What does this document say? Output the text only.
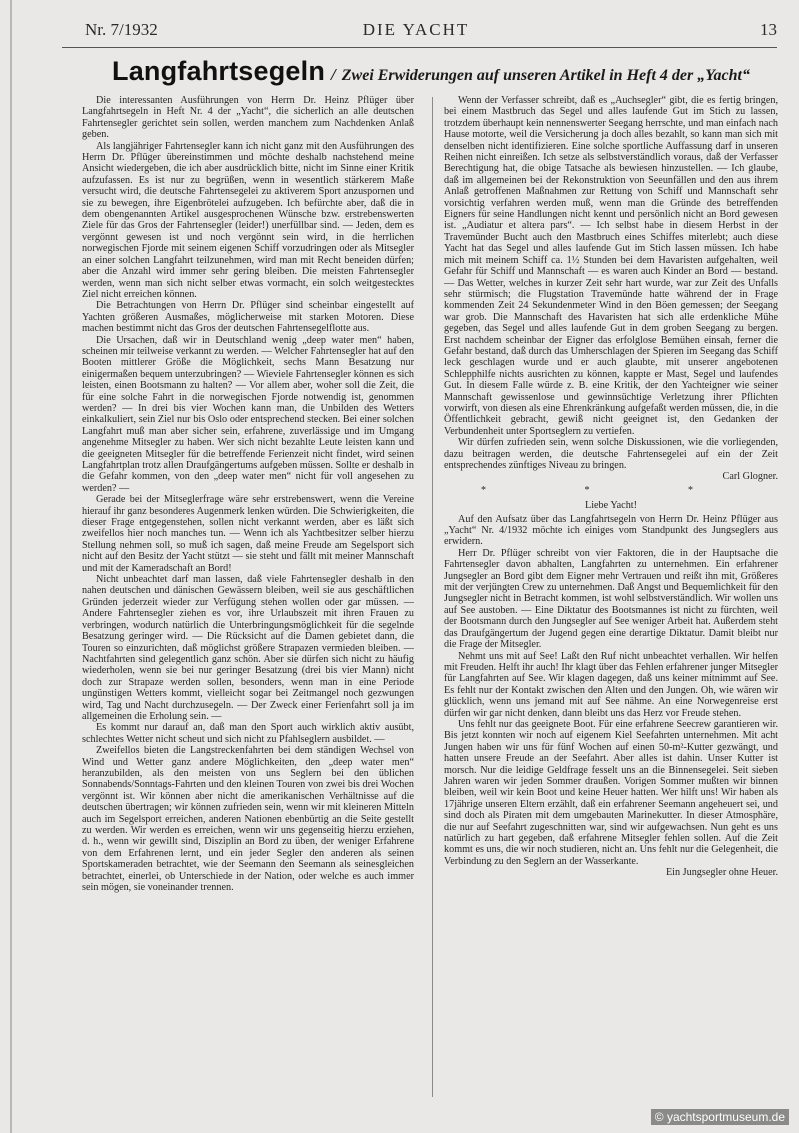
Nr. 7/1932	DIE YACHT	13
Langfahrtsegeln / Zwei Erwiderungen auf unseren Artikel in Heft 4 der „Yacht“

Die interessanten Ausführungen von Herrn Dr. Heinz Pflüger über Langfahrtsegeln in Heft Nr. 4 der „Yacht“, die sicherlich an alle deutschen Fahrtensegler gerichtet sein sollen, werden manchem zum Nachdenken Anlaß geben.

Als langjähriger Fahrtensegler kann ich nicht ganz mit den Ausführungen des Herrn Dr. Pflüger übereinstimmen und möchte deshalb nachstehend meine Ansicht wiedergeben, die ich aber ausdrücklich bitte, nicht im Sinne einer Kritik aufzufassen. Es ist nur zu begrüßen, wenn in wesentlich stärkerem Maße versucht wird, die deutsche Fahrtensegelei zu aktiverem Sport anzuspornen und sie zu bewegen, ihre Eigenbrötelei aufzugeben. Ich befürchte aber, daß die in dem obengenannten Artikel ausgesprochenen Wünsche bzw. erstrebenswerten Ziele für das Gros der Fahrtensegler (leider!) unerfüllbar sind. — Jeden, dem es vergönnt gewesen ist und noch vergönnt sein wird, in die herrlichen norwegischen Fjorde mit seinem eigenen Schiff vorzudringen oder als Mitsegler an einer solchen Langfahrt teilzunehmen, wird man mit Recht beneiden dürfen; aber die Anzahl wird immer sehr gering bleiben. Die meisten Fahrtensegler werden, wenn man sich nicht selber etwas vormacht, ein solch weitgestecktes Ziel nicht erreichen können.

Die Betrachtungen von Herrn Dr. Pflüger sind scheinbar eingestellt auf Yachten größeren Ausmaßes, möglicherweise mit starken Motoren. Diese machen bestimmt nicht das Gros der deutschen Fahrtensegelflotte aus.

Die Ursachen, daß wir in Deutschland wenig „deep water men“ haben, scheinen mir teilweise verkannt zu werden. — Welcher Fahrtensegler hat auf den Booten mittlerer Größe die Möglichkeit, sechs Mann Besatzung nur einigermaßen bequem unterzubringen? — Wieviele Fahrtensegler können es sich leisten, einen Bootsmann zu halten? — Vor allem aber, woher soll die Zeit, die für eine solche Fahrt in die norwegischen Fjorde notwendig ist, genommen werden? — In drei bis vier Wochen kann man, die Unbilden des Wetters einkalkuliert, sein Ziel nur bis Oslo oder entsprechend stecken. Bei einer solchen Langfahrt muß man aber sicher sein, erfahrene, zuverlässige und im Umgang angenehme Mitsegler zu haben. Wer sich nicht bezahlte Leute leisten kann und die geeigneten Mitsegler für die betreffende Ferienzeit nicht findet, wird seinen Langfahrtplan trotz allen Draufgängertums aufgeben müssen. Sollte er deshalb in die Gefahr kommen, von den „deep water men“ nicht für voll angesehen zu werden? —

Gerade bei der Mitseglerfrage wäre sehr erstrebenswert, wenn die Vereine hierauf ihr ganz besonderes Augenmerk lenken würden. Die Schwierigkeiten, die dieser Frage entgegenstehen, sollen nicht verkannt werden, aber es läßt sich zweifellos hier noch manches tun. — Wenn ich als Yachtbesitzer selber hierzu Stellung nehmen soll, so muß ich sagen, daß meine Freude am Segelsport sich nicht auf den Besitz der Yacht stützt — sie steht und fällt mit meiner Mannschaft und mit der Kameradschaft an Bord!

Nicht unbeachtet darf man lassen, daß viele Fahrtensegler deshalb in den nahen deutschen und dänischen Gewässern bleiben, weil sie aus geschäftlichen Gründen jederzeit wieder zur Verfügung stehen wollen oder gar müssen. — Andere Fahrtensegler ziehen es vor, ihre Urlaubszeit mit ihren Frauen zu verbringen, wodurch natürlich die Unterbringungsmöglichkeit für die segelnde Besatzung geringer wird. — Die Rücksicht auf die Damen gebietet dann, die Touren so einzurichten, daß möglichst größere Strapazen vermieden bleiben. — Nachtfahrten sind gelegentlich ganz schön. Aber sie dürfen sich nicht zu häufig wiederholen, wenn sie bei nur geringer Besatzung (drei bis vier Mann) nicht doch zur Strapaze werden sollen, besonders, wenn man in eine Periode ungünstigen Wetters kommt, vielleicht sogar bei Zeitmangel noch gezwungen wird, Tag und Nacht durchzusegeln. — Der Zweck einer Ferienfahrt soll ja im allgemeinen die Erholung sein. —

Es kommt nur darauf an, daß man den Sport auch wirklich aktiv ausübt, schlechtes Wetter nicht scheut und sich nicht zu Pfahlseglern ausbildet. —

Zweifellos bieten die Langstreckenfahrten bei dem ständigen Wechsel von Wind und Wetter ganz andere Möglichkeiten, den „deep water men“ heranzubilden, als den meisten von uns Seglern bei den üblichen Sonnabends/Sonntags-Fahrten und den kleinen Touren von zwei bis drei Wochen vergönnt ist. Wir können aber nicht die amerikanischen Verhältnisse auf die deutschen übertragen; wir können zufrieden sein, wenn wir mit kleineren Mitteln auch im Segelsport erreichen, anderen Nationen ebenbürtig an die Seite gestellt zu werden. Wir werden es erreichen, wenn wir uns gegenseitig hierzu erziehen, d. h., wenn wir gewillt sind, Disziplin an Bord zu üben, der weniger Erfahrene von dem Erfahrenen lernt, und ein jeder Segler den anderen als seinen Sportskameraden betrachtet, wie der Seemann den Seemann als seinesgleichen betrachtet, einerlei, ob Unterschiede in der Nation, oder welche es auch immer sein mögen, sie voneinander trennen.

Wenn der Verfasser schreibt, daß es „Auchsegler“ gibt, die es fertig bringen, bei einem Mastbruch das Segel und alles laufende Gut im Stich zu lassen, trotzdem überhaupt kein nennenswerter Seegang herrschte, und man einfach nach Hause motorte, weil die Versicherung ja doch alles bezahlt, so kann man sich mit denselben nicht identifizieren. Eine solche sportliche Auffassung darf in unseren Reihen nicht einreißen. Ich setze als selbstverständlich voraus, daß der Verfasser Berechtigung hat, die obige Tatsache als bewiesen hinzustellen. — Ich glaube, daß im allgemeinen bei der Rekonstruktion von Seeunfällen und den aus ihrem Anlaß getroffenen Maßnahmen zur Rettung von Schiff und Mannschaft sehr vorsichtig verfahren werden muß, wenn man die Gründe des betreffenden Eigners für seine Handlungen nicht kennt und persönlich nicht an Bord gewesen ist. „Audiatur et altera pars“. — Ich selbst habe in diesem Herbst in der Travemünder Bucht auch den Mastbruch eines Schiffes miterlebt; auch diese Yacht hat das Segel und alles laufende Gut im Stich lassen müssen. Ich habe mich mit meinem Schiff ca. 1½ Stunden bei dem Havaristen aufgehalten, weil Gefahr für Schiff und Mannschaft — es waren auch Kinder an Bord — bestand. — Das Wetter, welches in kurzer Zeit sehr hart wurde, war zur Zeit des Unfalls sehr stürmisch; die Flugstation Travemünde hatte während der in Frage kommenden Zeit 24 Sekundenmeter Wind in den Böen gemessen; der Seegang war grob. Die Mannschaft des Havaristen hat sich alle erdenkliche Mühe gegeben, das Segel und alles laufende Gut in dem groben Seegang zu bergen. Erst nachdem scheinbar der Eigner das erfolglose Bemühen einsah, ferner die Gefahr bestand, daß durch das Umherschlagen der Spieren im Seegang das Schiff leck geschlagen wurde und er auch glaubte, mit unserer angebotenen Schlepphilfe nichts ausrichten zu können, kappte er Mast, Segel und laufendes Gut. In diesem Falle würde z. B. eine Kritik, der den Yachteigner wie seiner Mannschaft gewissenlose und gewinnsüchtige Verletzung ihrer Pflichten vorwirft, von diesen als eine Ehrenkränkung aufgefaßt werden müssen, die, in die Öffentlichkeit gebracht, gewiß nicht geeignet ist, den Gedanken der Verbundenheit unter Sportseglern zu vertiefen.

Wir dürfen zufrieden sein, wenn solche Diskussionen, wie die vorliegenden, dazu beitragen werden, die deutsche Fahrtensegelei auf ein der Zeit entsprechendes zünftiges Niveau zu bringen.

Carl Glogner.
* * *
Liebe Yacht!

Auf den Aufsatz über das Langfahrtsegeln von Herrn Dr. Heinz Pflüger aus „Yacht“ Nr. 4/1932 möchte ich einiges vom Standpunkt des Jungseglers aus erwidern.

Herr Dr. Pflüger schreibt von vier Faktoren, die in der Hauptsache die Fahrtensegler davon abhalten, Langfahrten zu unternehmen. Ein erfahrener Jungsegler an Bord gibt dem Eigner mehr Vertrauen und reißt ihn mit, Größeres mit der verjüngten Crew zu unternehmen. Daß Angst und Bequemlichkeit für den Jungsegler nicht in Betracht kommen, ist wohl selbstverständlich. Wir wollen uns auf See austoben. — Eine Diktatur des Bootsmannes ist nicht zu fürchten, weil der Bootsmann durch den Jungsegler auf See weniger Arbeit hat. Außerdem steht das Draufgängertum der Jugend gegen eine derartige Diktatur. Damit bleibt nur die Frage der Mitsegler.

Nehmt uns mit auf See! Laßt den Ruf nicht unbeachtet verhallen. Wir helfen mit Freuden. Helft ihr auch! Ihr klagt über das Fehlen erfahrener junger Mitsegler für Langfahrten auf See. Wir klagen dagegen, daß uns keiner mitnimmt auf See. Es fehlt nur der Kontakt zwischen den Alten und den Jungen. Oh, wie wären wir glücklich, wenn uns jemand mit auf See nähme. An eine Norwegenreise erst dürfen wir gar nicht denken, dann bleibt uns das Herz vor Freude stehen.

Uns fehlt nur das geeignete Boot. Für eine erfahrene Seecrew garantieren wir. Bis jetzt konnten wir noch auf eigenem Kiel Seefahrten unternehmen. Mit acht Jungen haben wir uns für fünf Wochen auf einen 50-m²-Kutter gezwängt, und hatten unsere Freude an der Seefahrt. Aber alles ist dahin. Unser Kutter ist morsch. Nur die leidige Geldfrage fesselt uns an die Binnensegelei. Seit sieben Jahren waren wir jeden Sommer draußen. Vorigen Sommer mußten wir binnen bleiben, weil wir kein Boot und keine Heuer hatten. Wer hilft uns! Wir haben als 17jährige unseren Eltern erzählt, daß ein erfahrener Seemann angeheuert sei, und sind doch als Piraten mit dem umgebauten Marinekutter. In dieser Atmosphäre, die nur auf Seefahrt zugeschnitten war, sind wir aufgewachsen. Nun geht es uns natürlich zu hart gegeben, daß erfahrene Mitsegler fehlen sollen. Auf die Zeit kommt es uns, die wir noch studieren, nicht an. Uns fehlt nur die Gelegenheit, die Verbindung zu den Seglern an der Wasserkante.

Ein Jungsegler ohne Heuer.
© yachtsportmuseum.de
